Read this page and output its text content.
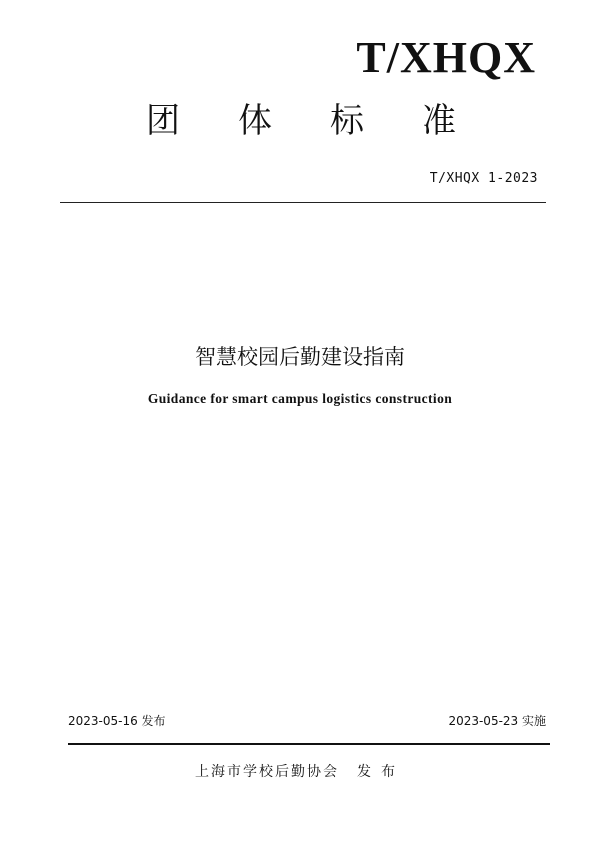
T/XHQX
团 体 标 准
T/XHQX 1-2023
智慧校园后勤建设指南
Guidance for smart campus logistics construction
2023-05-16 发布	2023-05-23 实施
上海市学校后勤协会 发布
